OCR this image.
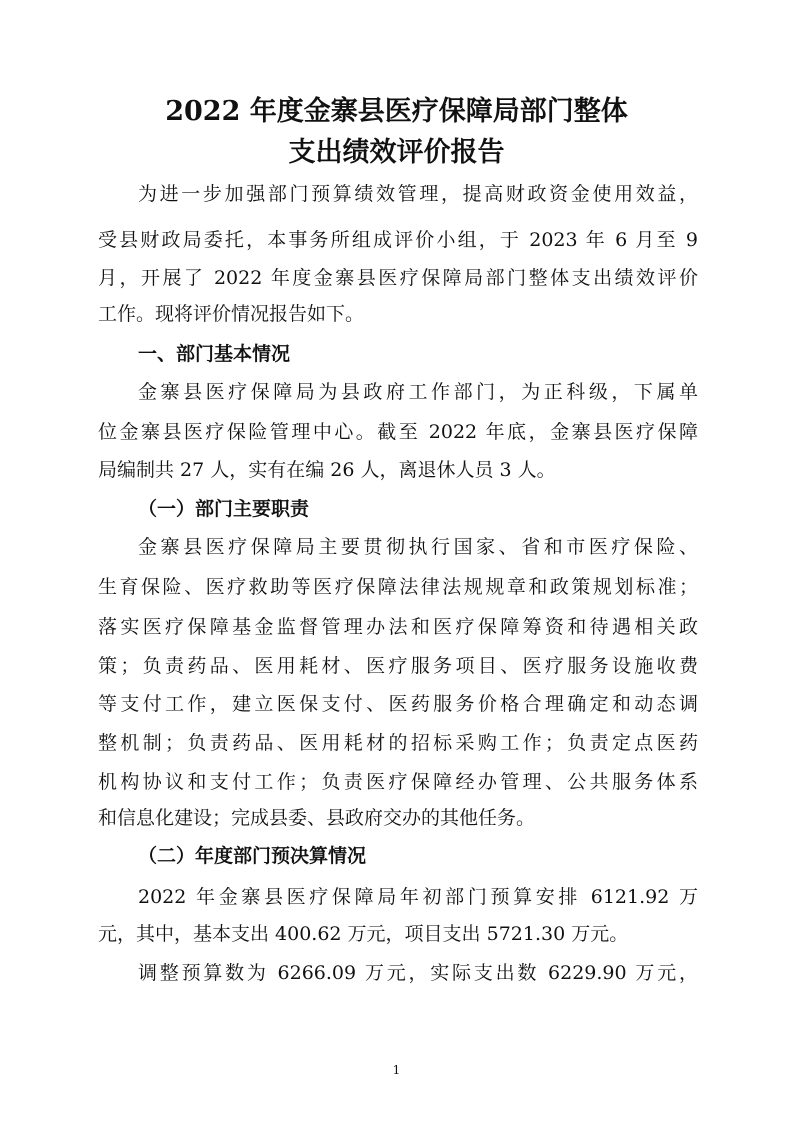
2022 年度金寨县医疗保障局部门整体
支出绩效评价报告

为进一步加强部门预算绩效管理，提高财政资金使用效益，

受县财政局委托，本事务所组成评价小组，于 2023 年 6 月至 9

月，开展了 2022 年度金寨县医疗保障局部门整体支出绩效评价

工作。现将评价情况报告如下。

一、部门基本情况

金寨县医疗保障局为县政府工作部门，为正科级，下属单

位金寨县医疗保险管理中心。截至 2022 年底，金寨县医疗保障

局编制共 27 人，实有在编 26 人，离退休人员 3 人。

（一）部门主要职责

金寨县医疗保障局主要贯彻执行国家、省和市医疗保险、

生育保险、医疗救助等医疗保障法律法规规章和政策规划标准；

落实医疗保障基金监督管理办法和医疗保障筹资和待遇相关政

策；负责药品、医用耗材、医疗服务项目、医疗服务设施收费

等支付工作，建立医保支付、医药服务价格合理确定和动态调

整机制；负责药品、医用耗材的招标采购工作；负责定点医药

机构协议和支付工作；负责医疗保障经办管理、公共服务体系

和信息化建设；完成县委、县政府交办的其他任务。

（二）年度部门预决算情况

2022 年金寨县医疗保障局年初部门预算安排 6121.92 万

元，其中，基本支出 400.62 万元，项目支出 5721.30 万元。

调整预算数为 6266.09 万元，实际支出数 6229.90 万元，

1
